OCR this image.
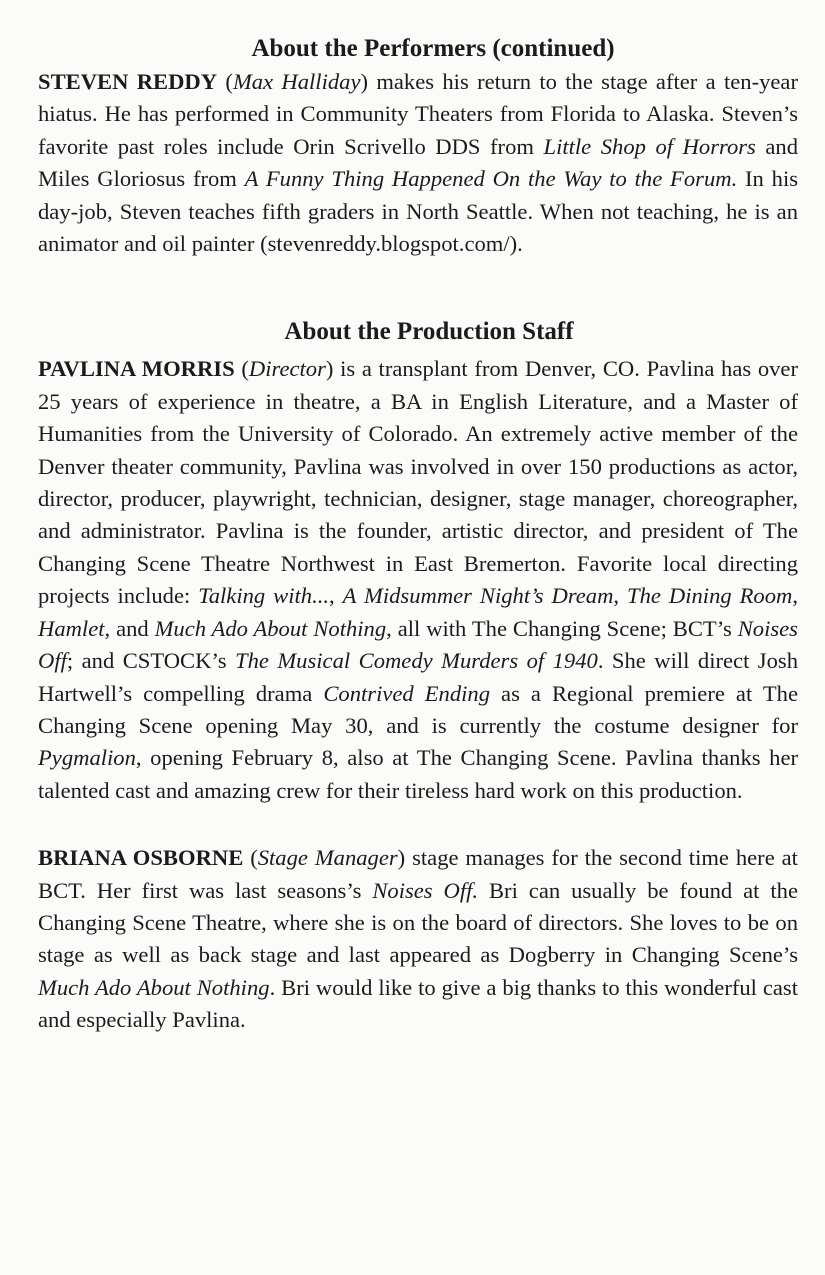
About the Performers (continued)

STEVEN REDDY (Max Halliday) makes his return to the stage after a ten-year hiatus. He has performed in Community Theaters from Florida to Alaska. Steven’s favorite past roles include Orin Scrivello DDS from Little Shop of Horrors and Miles Gloriosus from A Funny Thing Happened On the Way to the Forum. In his day-job, Steven teaches fifth graders in North Seattle. When not teaching, he is an animator and oil painter (stevenreddy.blogspot.com/).

About the Production Staff

PAVLINA MORRIS (Director) is a transplant from Denver, CO. Pavlina has over 25 years of experience in theatre, a BA in English Literature, and a Master of Humanities from the University of Colorado. An extremely active member of the Denver theater community, Pavlina was involved in over 150 productions as actor, director, producer, playwright, technician, designer, stage manager, choreographer, and administrator. Pavlina is the founder, artistic director, and president of The Changing Scene Theatre Northwest in East Bremerton. Favorite local directing projects include: Talking with..., A Midsummer Night’s Dream, The Dining Room, Hamlet, and Much Ado About Nothing, all with The Changing Scene; BCT’s Noises Off; and CSTOCK’s The Musical Comedy Murders of 1940. She will direct Josh Hartwell’s compelling drama Contrived Ending as a Regional premiere at The Changing Scene opening May 30, and is currently the costume designer for Pygmalion, opening February 8, also at The Changing Scene. Pavlina thanks her talented cast and amazing crew for their tireless hard work on this production.

BRIANA OSBORNE (Stage Manager) stage manages for the second time here at BCT. Her first was last seasons’s Noises Off. Bri can usually be found at the Changing Scene Theatre, where she is on the board of directors. She loves to be on stage as well as back stage and last appeared as Dogberry in Changing Scene’s Much Ado About Nothing. Bri would like to give a big thanks to this wonderful cast and especially Pavlina.
